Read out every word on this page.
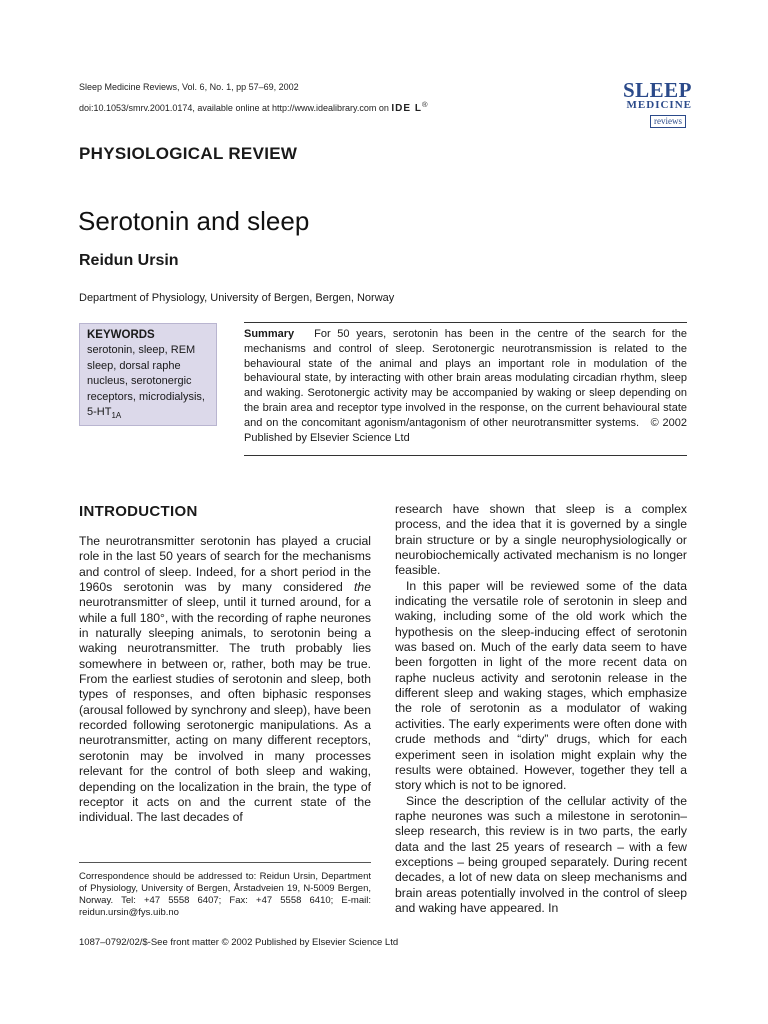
Sleep Medicine Reviews, Vol. 6, No. 1, pp 57–69, 2002
doi:10.1053/smrv.2001.0174, available online at http://www.idealibrary.com on IDE L®
SLEEP
MEDICINE
reviews
PHYSIOLOGICAL REVIEW
Serotonin and sleep
Reidun Ursin
Department of Physiology, University of Bergen, Bergen, Norway
KEYWORDS
serotonin, sleep, REM sleep, dorsal raphe nucleus, serotonergic receptors, microdialysis, $5-HT_{1A}$
Summary For 50 years, serotonin has been in the centre of the search for the mechanisms and control of sleep. Serotonergic neurotransmission is related to the behavioural state of the animal and plays an important role in modulation of the behavioural state, by interacting with other brain areas modulating circadian rhythm, sleep and waking. Serotonergic activity may be accompanied by waking or sleep depending on the brain area and receptor type involved in the response, on the current behavioural state and on the concomitant agonism/antagonism of other neurotransmitter systems. © 2002 Published by Elsevier Science Ltd
INTRODUCTION

The neurotransmitter serotonin has played a crucial role in the last 50 years of search for the mechanisms and control of sleep. Indeed, for a short period in the 1960s serotonin was by many considered the neurotransmitter of sleep, until it turned around, for a while a full 180°, with the recording of raphe neurones in naturally sleeping animals, to serotonin being a waking neurotransmitter. The truth probably lies somewhere in between or, rather, both may be true. From the earliest studies of serotonin and sleep, both types of responses, and often biphasic responses (arousal followed by synchrony and sleep), have been recorded following serotonergic manipulations. As a neurotransmitter, acting on many different receptors, serotonin may be involved in many processes relevant for the control of both sleep and waking, depending on the localization in the brain, the type of receptor it acts on and the current state of the individual. The last decades of

research have shown that sleep is a complex process, and the idea that it is governed by a single brain structure or by a single neurophysiologically or neurobiochemically activated mechanism is no longer feasible.

In this paper will be reviewed some of the data indicating the versatile role of serotonin in sleep and waking, including some of the old work which the hypothesis on the sleep-inducing effect of serotonin was based on. Much of the early data seem to have been forgotten in light of the more recent data on raphe nucleus activity and serotonin release in the different sleep and waking stages, which emphasize the role of serotonin as a modulator of waking activities. The early experiments were often done with crude methods and “dirty” drugs, which for each experiment seen in isolation might explain why the results were obtained. However, together they tell a story which is not to be ignored.

Since the description of the cellular activity of the raphe neurones was such a milestone in serotonin–sleep research, this review is in two parts, the early data and the last 25 years of research – with a few exceptions – being grouped separately. During recent decades, a lot of new data on sleep mechanisms and brain areas potentially involved in the control of sleep and waking have appeared. In

Correspondence should be addressed to: Reidun Ursin, Department of Physiology, University of Bergen, Årstadveien 19, N-5009 Bergen, Norway. Tel: +47 5558 6407; Fax: +47 5558 6410; E-mail: reidun.ursin@fys.uib.no
1087–0792/02/$-See front matter © 2002 Published by Elsevier Science Ltd
